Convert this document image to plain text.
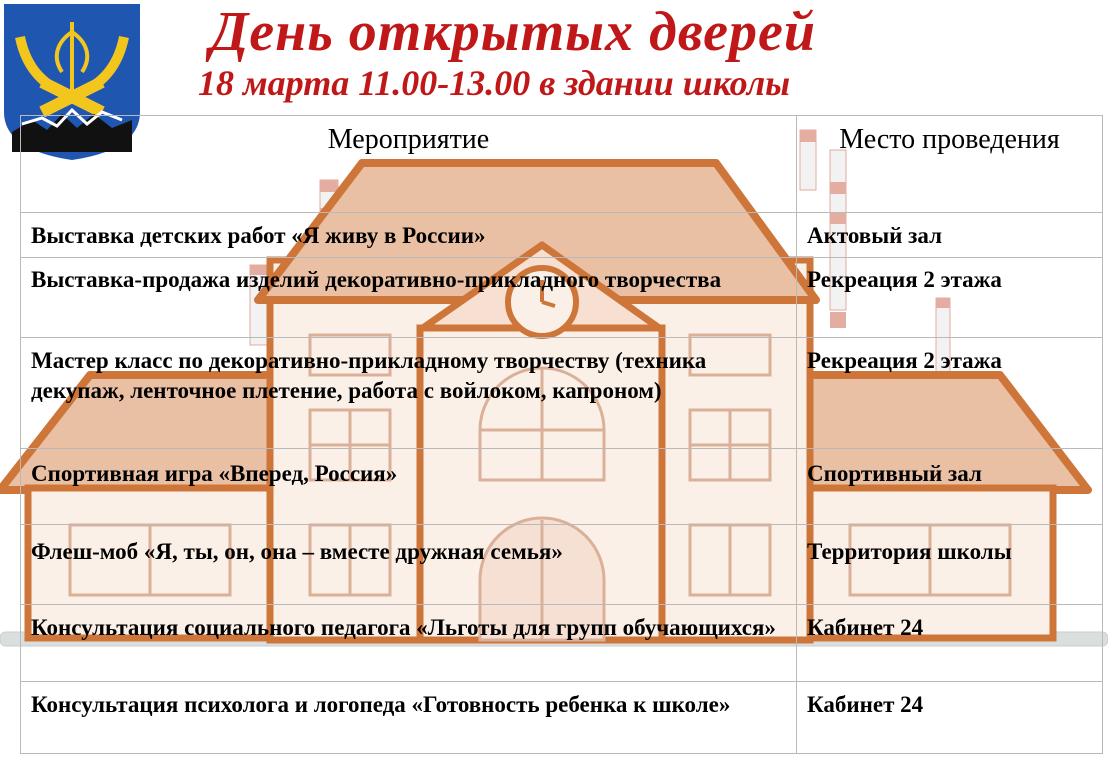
День открытых дверей
18 марта 11.00-13.00 в здании школы
Мероприятие	Место проведения
Выставка детских работ «Я живу в России»	Актовый зал
Выставка-продажа изделий декоративно-прикладного творчества	Рекреация 2 этажа
Мастер класс по декоративно-прикладному творчеству (техника декупаж, ленточное плетение, работа с войлоком, капроном)	Рекреация 2 этажа
Спортивная игра «Вперед, Россия»	Спортивный зал
Флеш-моб «Я, ты, он, она – вместе дружная семья»	Территория школы
Консультация социального педагога «Льготы для групп обучающихся»	Кабинет 24
Консультация психолога и логопеда «Готовность ребенка к школе»	Кабинет 24
